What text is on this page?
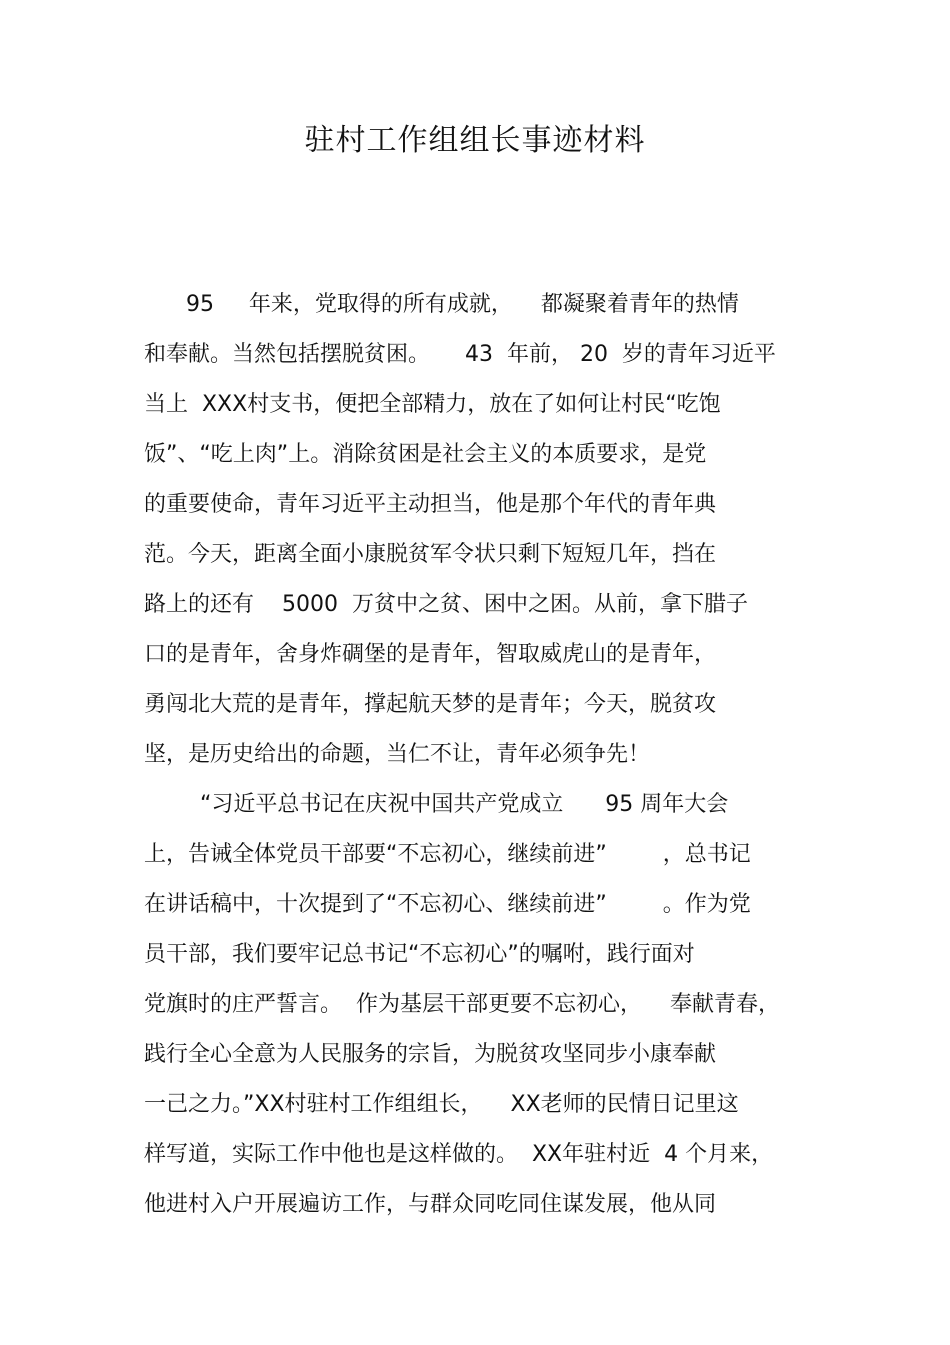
驻村工作组组长事迹材料

95     年来，党取得的所有成就，    都凝聚着青年的热情

和奉献。当然包括摆脱贫困。     43  年前， 20  岁的青年习近平

当上  XXX村支书，便把全部精力，放在了如何让村民“吃饱

饭”、“吃上肉”上。消除贫困是社会主义的本质要求，是党

的重要使命，青年习近平主动担当，他是那个年代的青年典

范。今天，距离全面小康脱贫军令状只剩下短短几年，挡在

路上的还有    5000  万贫中之贫、困中之困。从前，拿下腊子

口的是青年，舍身炸碉堡的是青年，智取威虎山的是青年，

勇闯北大荒的是青年，撑起航天梦的是青年；今天，脱贫攻

坚，是历史给出的命题，当仁不让，青年必须争先！

“习近平总书记在庆祝中国共产党成立      95 周年大会

上，告诫全体党员干部要“不忘初心，继续前进”        ，总书记

在讲话稿中，十次提到了“不忘初心、继续前进”        。作为党

员干部，我们要牢记总书记“不忘初心”的嘱咐，践行面对

党旗时的庄严誓言。  作为基层干部更要不忘初心，    奉献青春，

践行全心全意为人民服务的宗旨，为脱贫攻坚同步小康奉献

一己之力。”XX村驻村工作组组长，    XX老师的民情日记里这

样写道，实际工作中他也是这样做的。  XX年驻村近  4 个月来，

他进村入户开展遍访工作，与群众同吃同住谋发展，他从同
